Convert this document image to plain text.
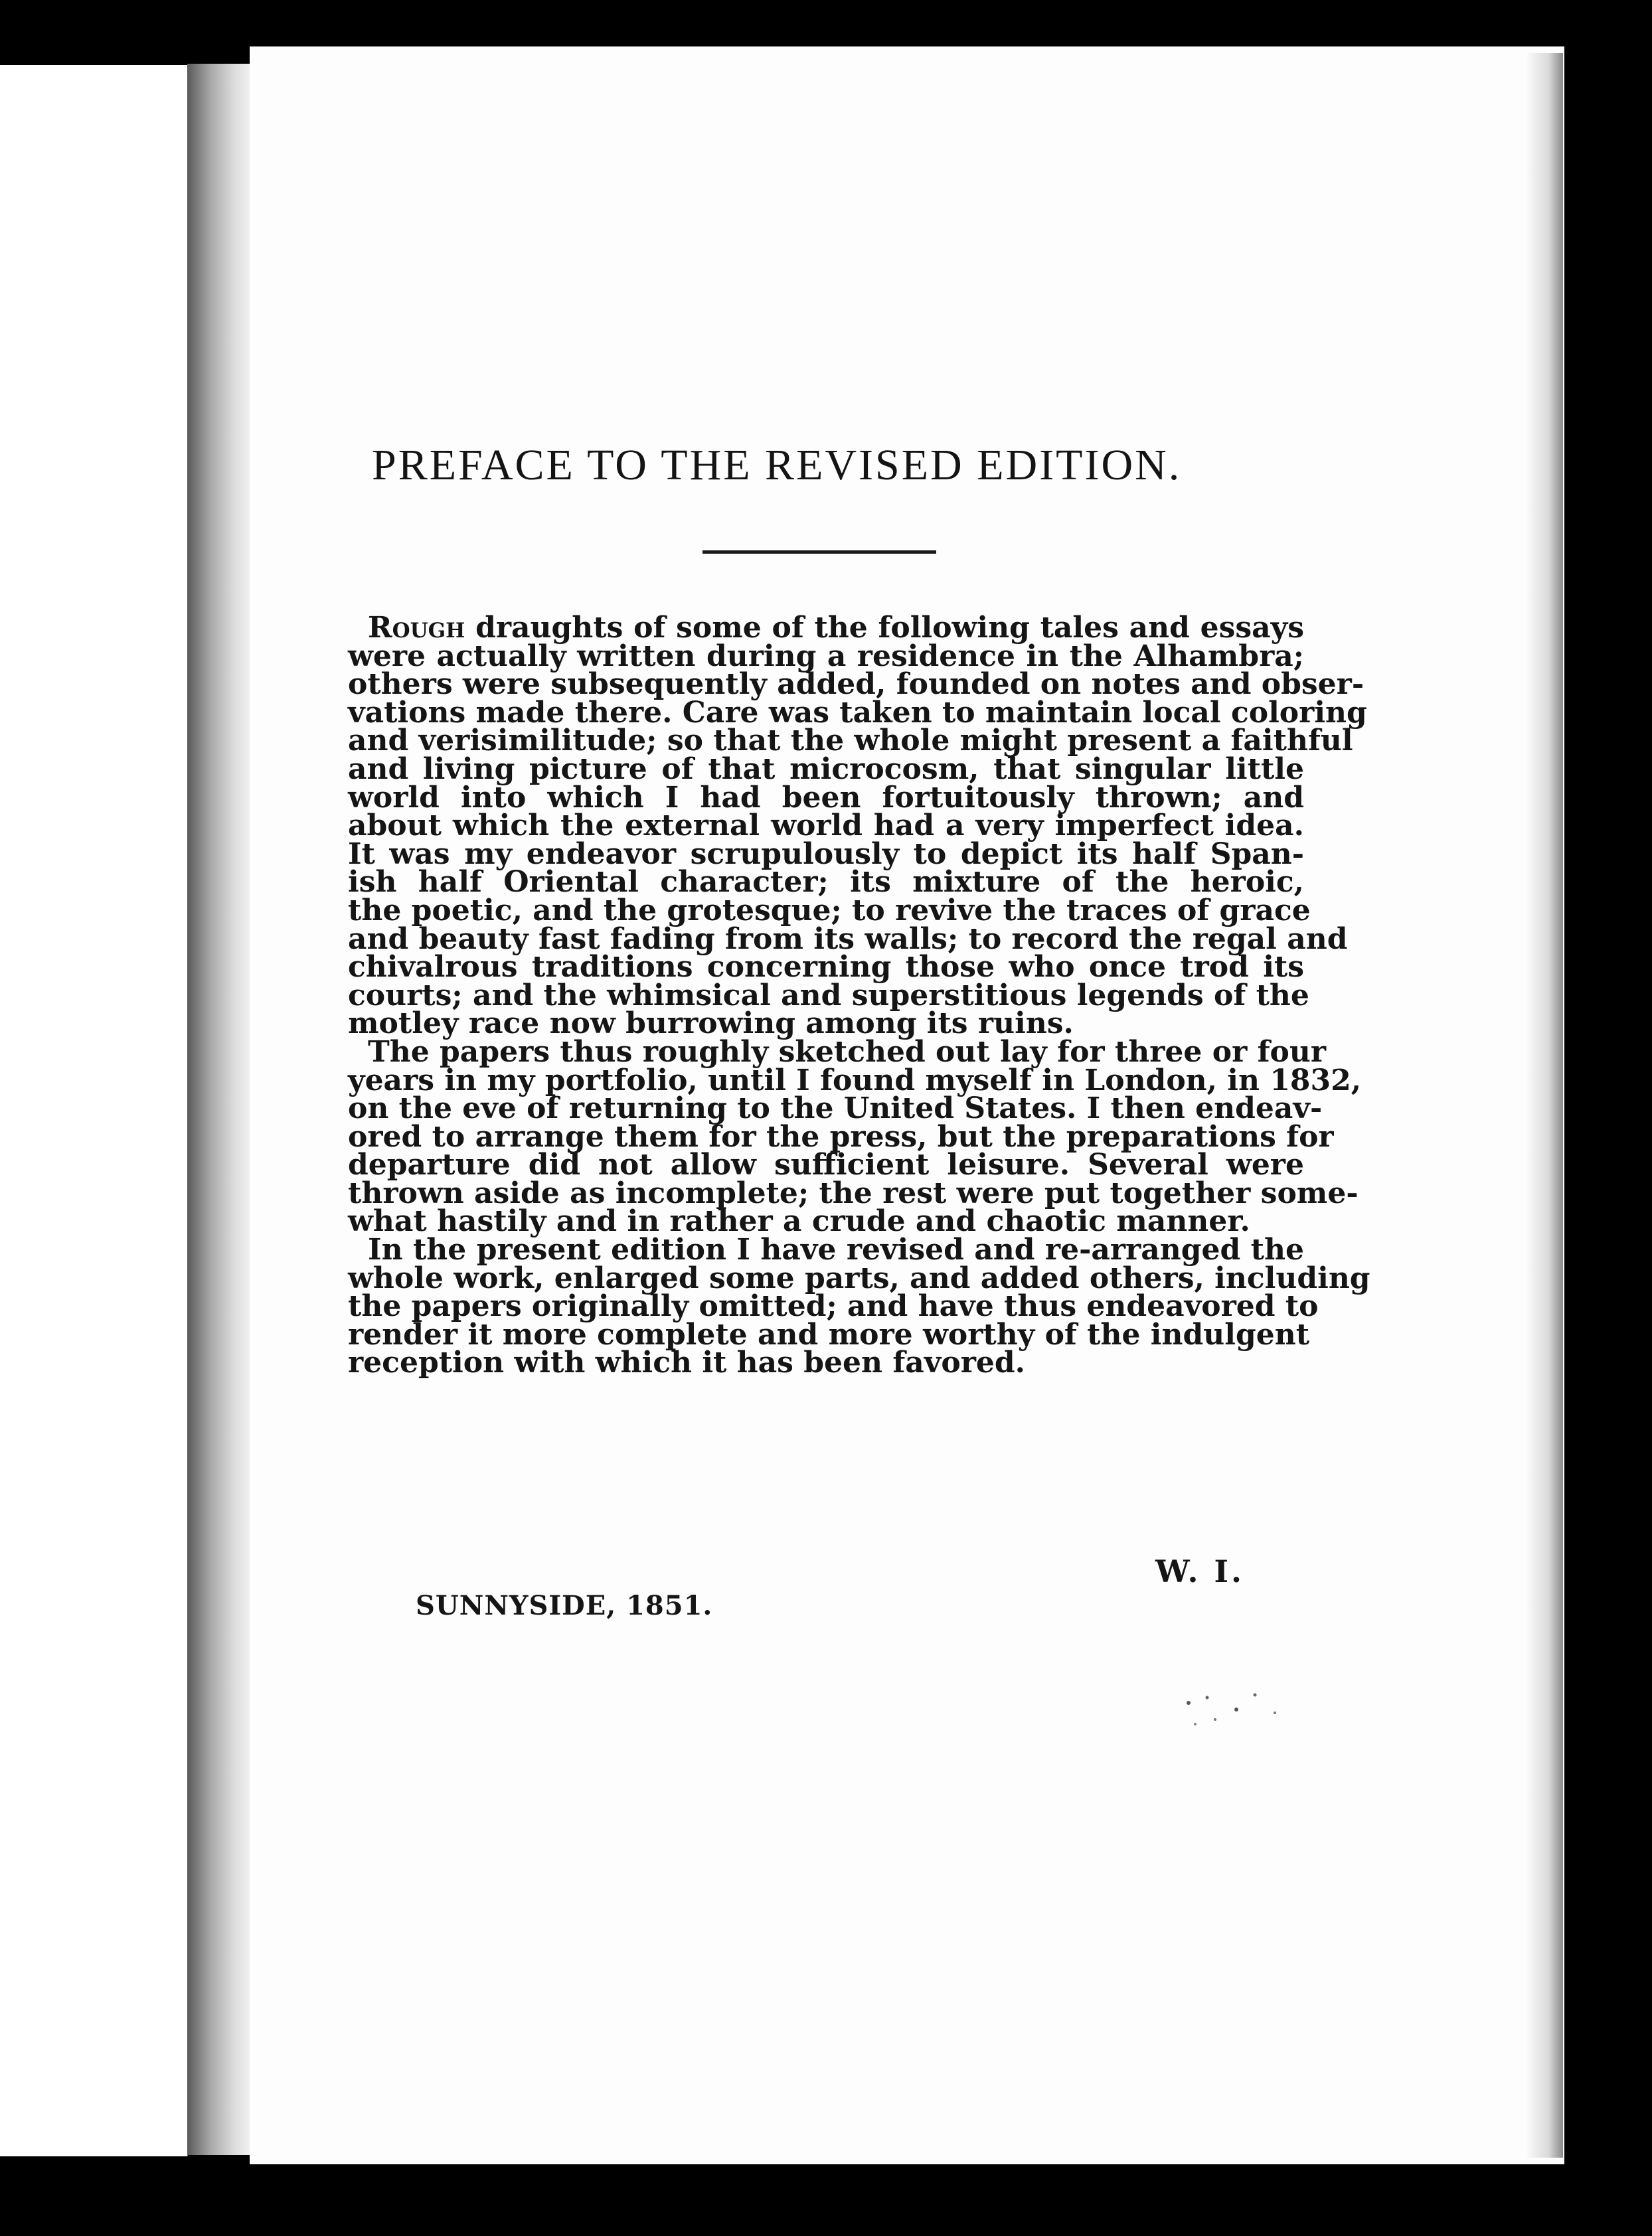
PREFACE TO THE REVISED EDITION.
Rough draughts of some of the following tales and essays
were actually written during a residence in the Alhambra;
others were subsequently added, founded on notes and obser-
vations made there. Care was taken to maintain local coloring
and verisimilitude; so that the whole might present a faithful
and living picture of that microcosm, that singular little
world into which I had been fortuitously thrown; and
about which the external world had a very imperfect idea.
It was my endeavor scrupulously to depict its half Span-
ish half Oriental character; its mixture of the heroic,
the poetic, and the grotesque; to revive the traces of grace
and beauty fast fading from its walls; to record the regal and
chivalrous traditions concerning those who once trod its
courts; and the whimsical and superstitious legends of the
motley race now burrowing among its ruins.
The papers thus roughly sketched out lay for three or four
years in my portfolio, until I found myself in London, in 1832,
on the eve of returning to the United States. I then endeav-
ored to arrange them for the press, but the preparations for
departure did not allow sufficient leisure. Several were
thrown aside as incomplete; the rest were put together some-
what hastily and in rather a crude and chaotic manner.
In the present edition I have revised and re-arranged the
whole work, enlarged some parts, and added others, including
the papers originally omitted; and have thus endeavored to
render it more complete and more worthy of the indulgent
reception with which it has been favored.
W. I.
SUNNYSIDE, 1851.
